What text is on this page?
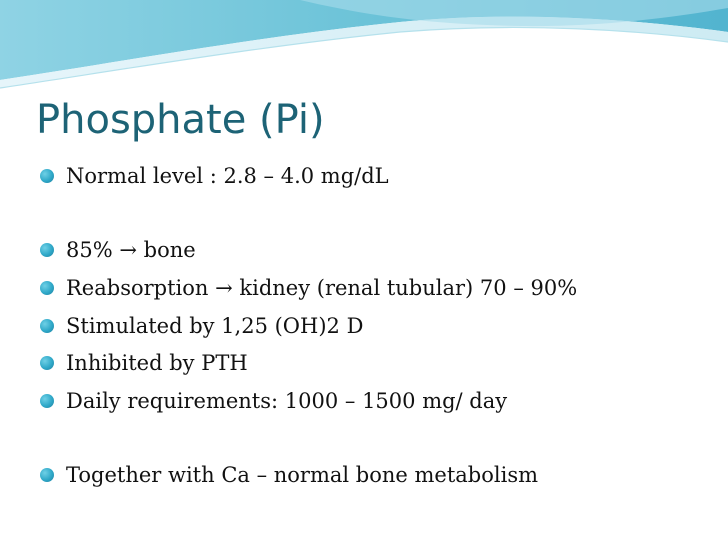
Phosphate (Pi)
Normal level : 2.8 – 4.0 mg/dL
85% → bone
Reabsorption → kidney (renal tubular) 70 – 90%
Stimulated by 1,25 (OH)2 D
Inhibited by PTH
Daily requirements: 1000 – 1500 mg/ day
Together with Ca – normal bone metabolism
